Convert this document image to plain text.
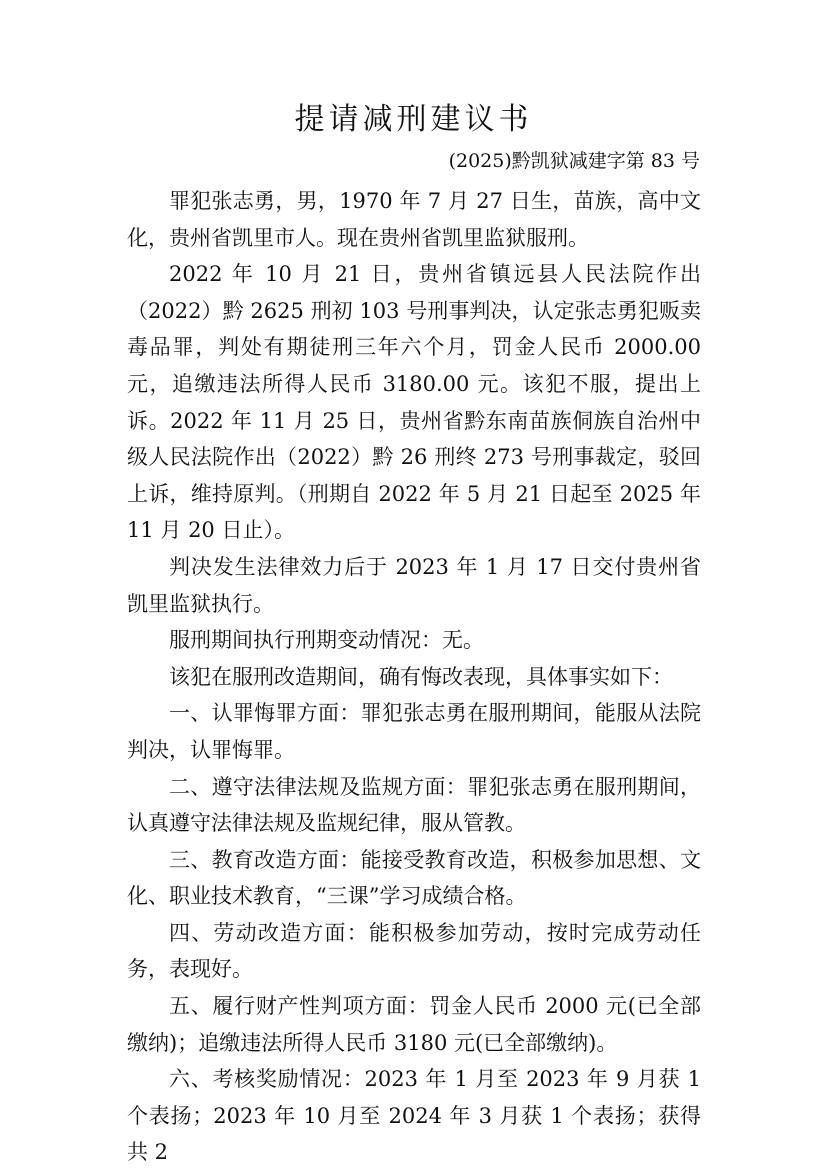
提请减刑建议书
(2025)黔凯狱减建字第 83 号

罪犯张志勇，男，1970 年 7 月 27 日生，苗族，高中文化，贵州省凯里市人。现在贵州省凯里监狱服刑。

2022 年 10 月 21 日，贵州省镇远县人民法院作出（2022）黔 2625 刑初 103 号刑事判决，认定张志勇犯贩卖毒品罪，判处有期徒刑三年六个月，罚金人民币 2000.00 元，追缴违法所得人民币 3180.00 元。该犯不服，提出上诉。2022 年 11 月 25 日，贵州省黔东南苗族侗族自治州中级人民法院作出（2022）黔 26 刑终 273 号刑事裁定，驳回上诉，维持原判。（刑期自 2022 年 5 月 21 日起至 2025 年 11 月 20 日止）。

判决发生法律效力后于 2023 年 1 月 17 日交付贵州省凯里监狱执行。

服刑期间执行刑期变动情况：无。

该犯在服刑改造期间，确有悔改表现，具体事实如下：

一、认罪悔罪方面：罪犯张志勇在服刑期间，能服从法院判决，认罪悔罪。

二、遵守法律法规及监规方面：罪犯张志勇在服刑期间，认真遵守法律法规及监规纪律，服从管教。

三、教育改造方面：能接受教育改造，积极参加思想、文化、职业技术教育，“三课”学习成绩合格。

四、劳动改造方面：能积极参加劳动，按时完成劳动任务，表现好。

五、履行财产性判项方面：罚金人民币 2000 元(已全部缴纳)；追缴违法所得人民币 3180 元(已全部缴纳)。

六、考核奖励情况：2023 年 1 月至 2023 年 9 月获 1 个表扬；2023 年 10 月至 2024 年 3 月获 1 个表扬；获得共 2
